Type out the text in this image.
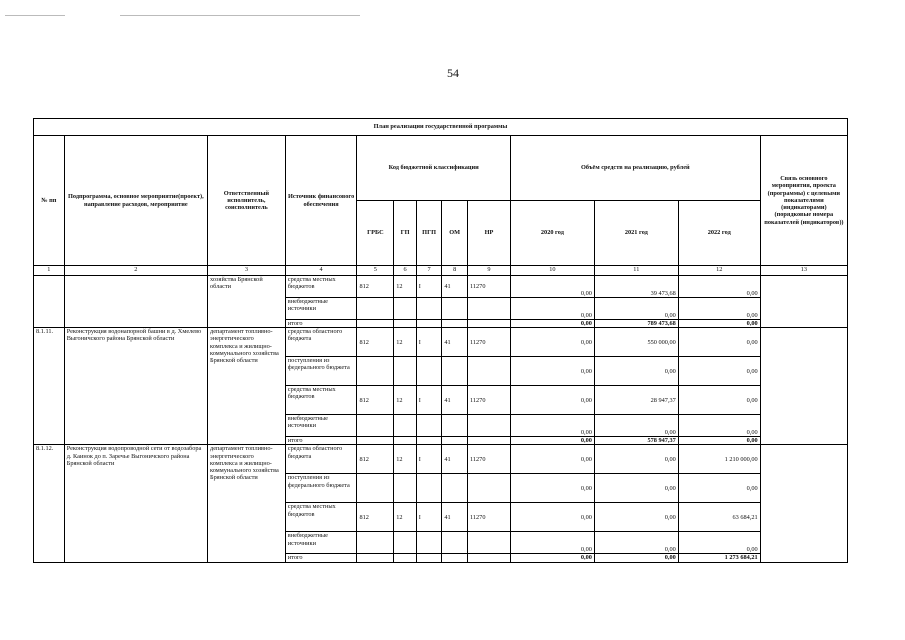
54
План реализации государственной программы												
№ пп	Подпрограмма, основное мероприятие(проект), направление расходов, мероприятие	Ответственный исполнитель, соисполнитель	Источник финансового обеспечения	Код бюджетной классификации					Объём средств на реализацию, рублей			Связь основного мероприятия, проекта (программы) с целевыми показателями (индикаторами) (порядковые номера показателей (индикаторов))
				ГРБС	ГП	ПГП	ОМ	НР	2020 год	2021 год	2022 год	
1	2	3	4	5	6	7	8	9	10	11	12	13
		хозяйства Брянской области	средства местных бюджетов	812	12	I	41	11270	0,00	39 473,68	0,00	
			внебюджетные источники						0,00	0,00	0,00	
			итого						0,00	789 473,68	0,00	
8.1.11.	Реконструкция водонапорной башни в д. Хмелево Выгоничского района Брянской области	департамент топливно-энергетического комплекса и жилищно-коммунального хозяйства Брянской области	средства областного бюджета	812	12	I	41	11270	0,00	550 000,00	0,00	
			поступления из федерального бюджета						0,00	0,00	0,00	
			средства местных бюджетов	812	12	I	41	11270	0,00	28 947,37	0,00	
			внебюджетные источники						0,00	0,00	0,00	
			итого						0,00	578 947,37	0,00	
8.1.12.	Реконструкция водопроводной сети от водозабора д. Каинок до п. Заречье Выгоничского района Брянской области	департамент топливно-энергетического комплекса и жилищно-коммунального хозяйства Брянской области	средства областного бюджета	812	12	I	41	11270	0,00	0,00	1 210 000,00	
			поступления из федерального бюджета						0,00	0,00	0,00	
			средства местных бюджетов	812	12	I	41	11270	0,00	0,00	63 684,21	
			внебюджетные источники						0,00	0,00	0,00	
			итого						0,00	0,00	1 273 684,21	
